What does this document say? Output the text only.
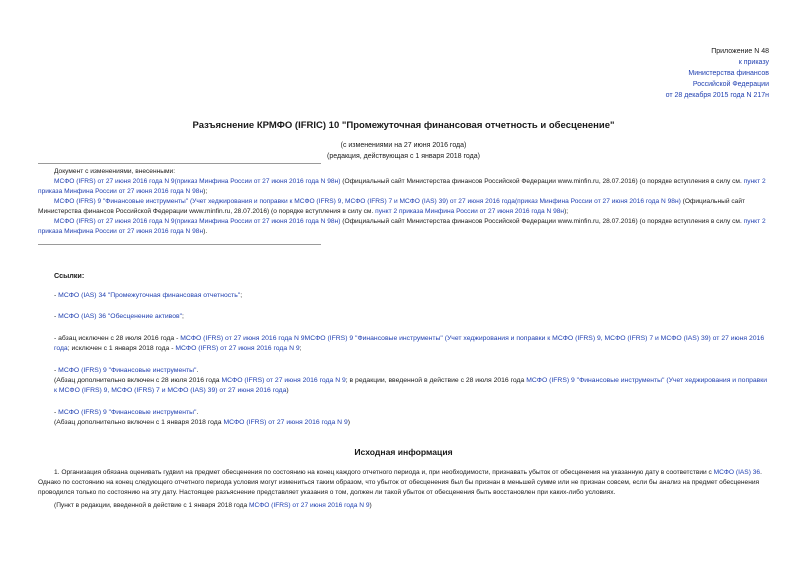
Приложение N 48
к приказу
Министерства финансов
Российской Федерации
от 28 декабря 2015 года N 217н
Разъяснение КРМФО (IFRIC) 10 "Промежуточная финансовая отчетность и обесценение"
(с изменениями на 27 июня 2016 года)
(редакция, действующая с 1 января 2018 года)
Документ с изменениями, внесенными:
МСФО (IFRS) от 27 июня 2016 года N 9(приказ Минфина России от 27 июня 2016 года N 98н) (Официальный сайт Министерства финансов Российской Федерации www.minfin.ru, 28.07.2016) (о порядке вступления в силу см. пункт 2 приказа Минфина России от 27 июня 2016 года N 98н);
МСФО (IFRS) 9 "Финансовые инструменты" (Учет хеджирования и поправки к МСФО (IFRS) 9, МСФО (IFRS) 7 и МСФО (IAS) 39) от 27 июня 2016 года(приказ Минфина России от 27 июня 2016 года N 98н) (Официальный сайт Министерства финансов Российской Федерации www.minfin.ru, 28.07.2016) (о порядке вступления в силу см. пункт 2 приказа Минфина России от 27 июня 2016 года N 98н);
МСФО (IFRS) от 27 июня 2016 года N 9(приказ Минфина России от 27 июня 2016 года N 98н) (Официальный сайт Министерства финансов Российской Федерации www.minfin.ru, 28.07.2016) (о порядке вступления в силу см. пункт 2 приказа Минфина России от 27 июня 2016 года N 98н).
Ссылки:
- МСФО (IAS) 34 "Промежуточная финансовая отчетность";
- МСФО (IAS) 36 "Обесценение активов";
- абзац исключен с 28 июля 2016 года - МСФО (IFRS) от 27 июня 2016 года N 9МСФО (IFRS) 9 "Финансовые инструменты" (Учет хеджирования и поправки к МСФО (IFRS) 9, МСФО (IFRS) 7 и МСФО (IAS) 39) от 27 июня 2016 года; исключен с 1 января 2018 года - МСФО (IFRS) от 27 июня 2016 года N 9;
- МСФО (IFRS) 9 "Финансовые инструменты".
(Абзац дополнительно включен с 28 июля 2016 года МСФО (IFRS) от 27 июня 2016 года N 9; в редакции, введенной в действие с 28 июля 2016 года МСФО (IFRS) 9 "Финансовые инструменты" (Учет хеджирования и поправки к МСФО (IFRS) 9, МСФО (IFRS) 7 и МСФО (IAS) 39) от 27 июня 2016 года)
- МСФО (IFRS) 9 "Финансовые инструменты".
(Абзац дополнительно включен с 1 января 2018 года МСФО (IFRS) от 27 июня 2016 года N 9)
Исходная информация
1. Организация обязана оценивать гудвил на предмет обесценения по состоянию на конец каждого отчетного периода и, при необходимости, признавать убыток от обесценения на указанную дату в соответствии с МСФО (IAS) 36. Однако по состоянию на конец следующего отчетного периода условия могут измениться таким образом, что убыток от обесценения был бы признан в меньшей сумме или не признан совсем, если бы анализ на предмет обесценения проводился только по состоянию на эту дату. Настоящее разъяснение представляет указания о том, должен ли такой убыток от обесценения быть восстановлен при каких-либо условиях.
(Пункт в редакции, введенной в действие с 1 января 2018 года МСФО (IFRS) от 27 июня 2016 года N 9)
